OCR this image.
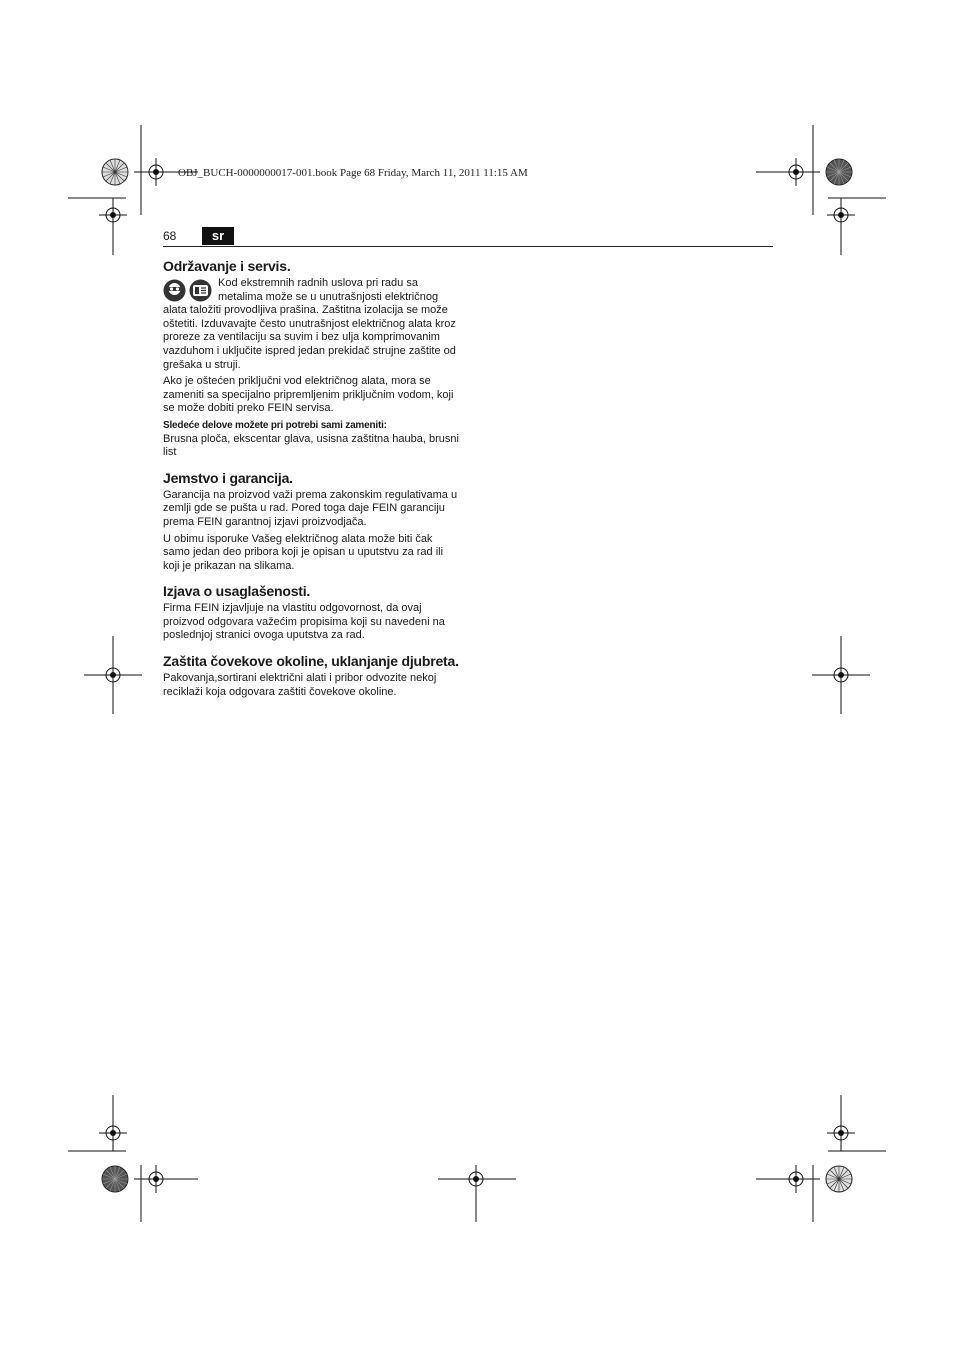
OBJ_BUCH-0000000017-001.book Page 68 Friday, March 11, 2011 11:15 AM
68	sr
Održavanje i servis.

Kod ekstremnih radnih uslova pri radu sa metalima može se u unutrašnjosti električnog alata taložiti provodljiva prašina. Zaštitna izolacija se može oštetiti. Izduvavajte često unutrašnjost električnog alata kroz proreze za ventilaciju sa suvim i bez ulja komprimovanim vazduhom i uključite ispred jedan prekidač strujne zaštite od grešaka u struji.

Ako je oštećen priključni vod električnog alata, mora se zameniti sa specijalno pripremljenim priključnim vodom, koji se može dobiti preko FEIN servisa.

Sledeće delove možete pri potrebi sami zameniti:

Brusna ploča, ekscentar glava, usisna zaštitna hauba, brusni list

Jemstvo i garancija.

Garancija na proizvod važi prema zakonskim regulativama u zemlji gde se pušta u rad. Pored toga daje FEIN garanciju prema FEIN garantnoj izjavi proizvodjača.

U obimu isporuke Vašeg električnog alata može biti čak samo jedan deo pribora koji je opisan u uputstvu za rad ili koji je prikazan na slikama.

Izjava o usaglašenosti.

Firma FEIN izjavljuje na vlastitu odgovornost, da ovaj proizvod odgovara važećim propisima koji su navedeni na poslednjoj stranici ovoga uputstva za rad.

Zaštita čovekove okoline, uklanjanje djubreta.

Pakovanja,sortirani električni alati i pribor odvozite nekoj reciklaži koja odgovara zaštiti čovekove okoline.
